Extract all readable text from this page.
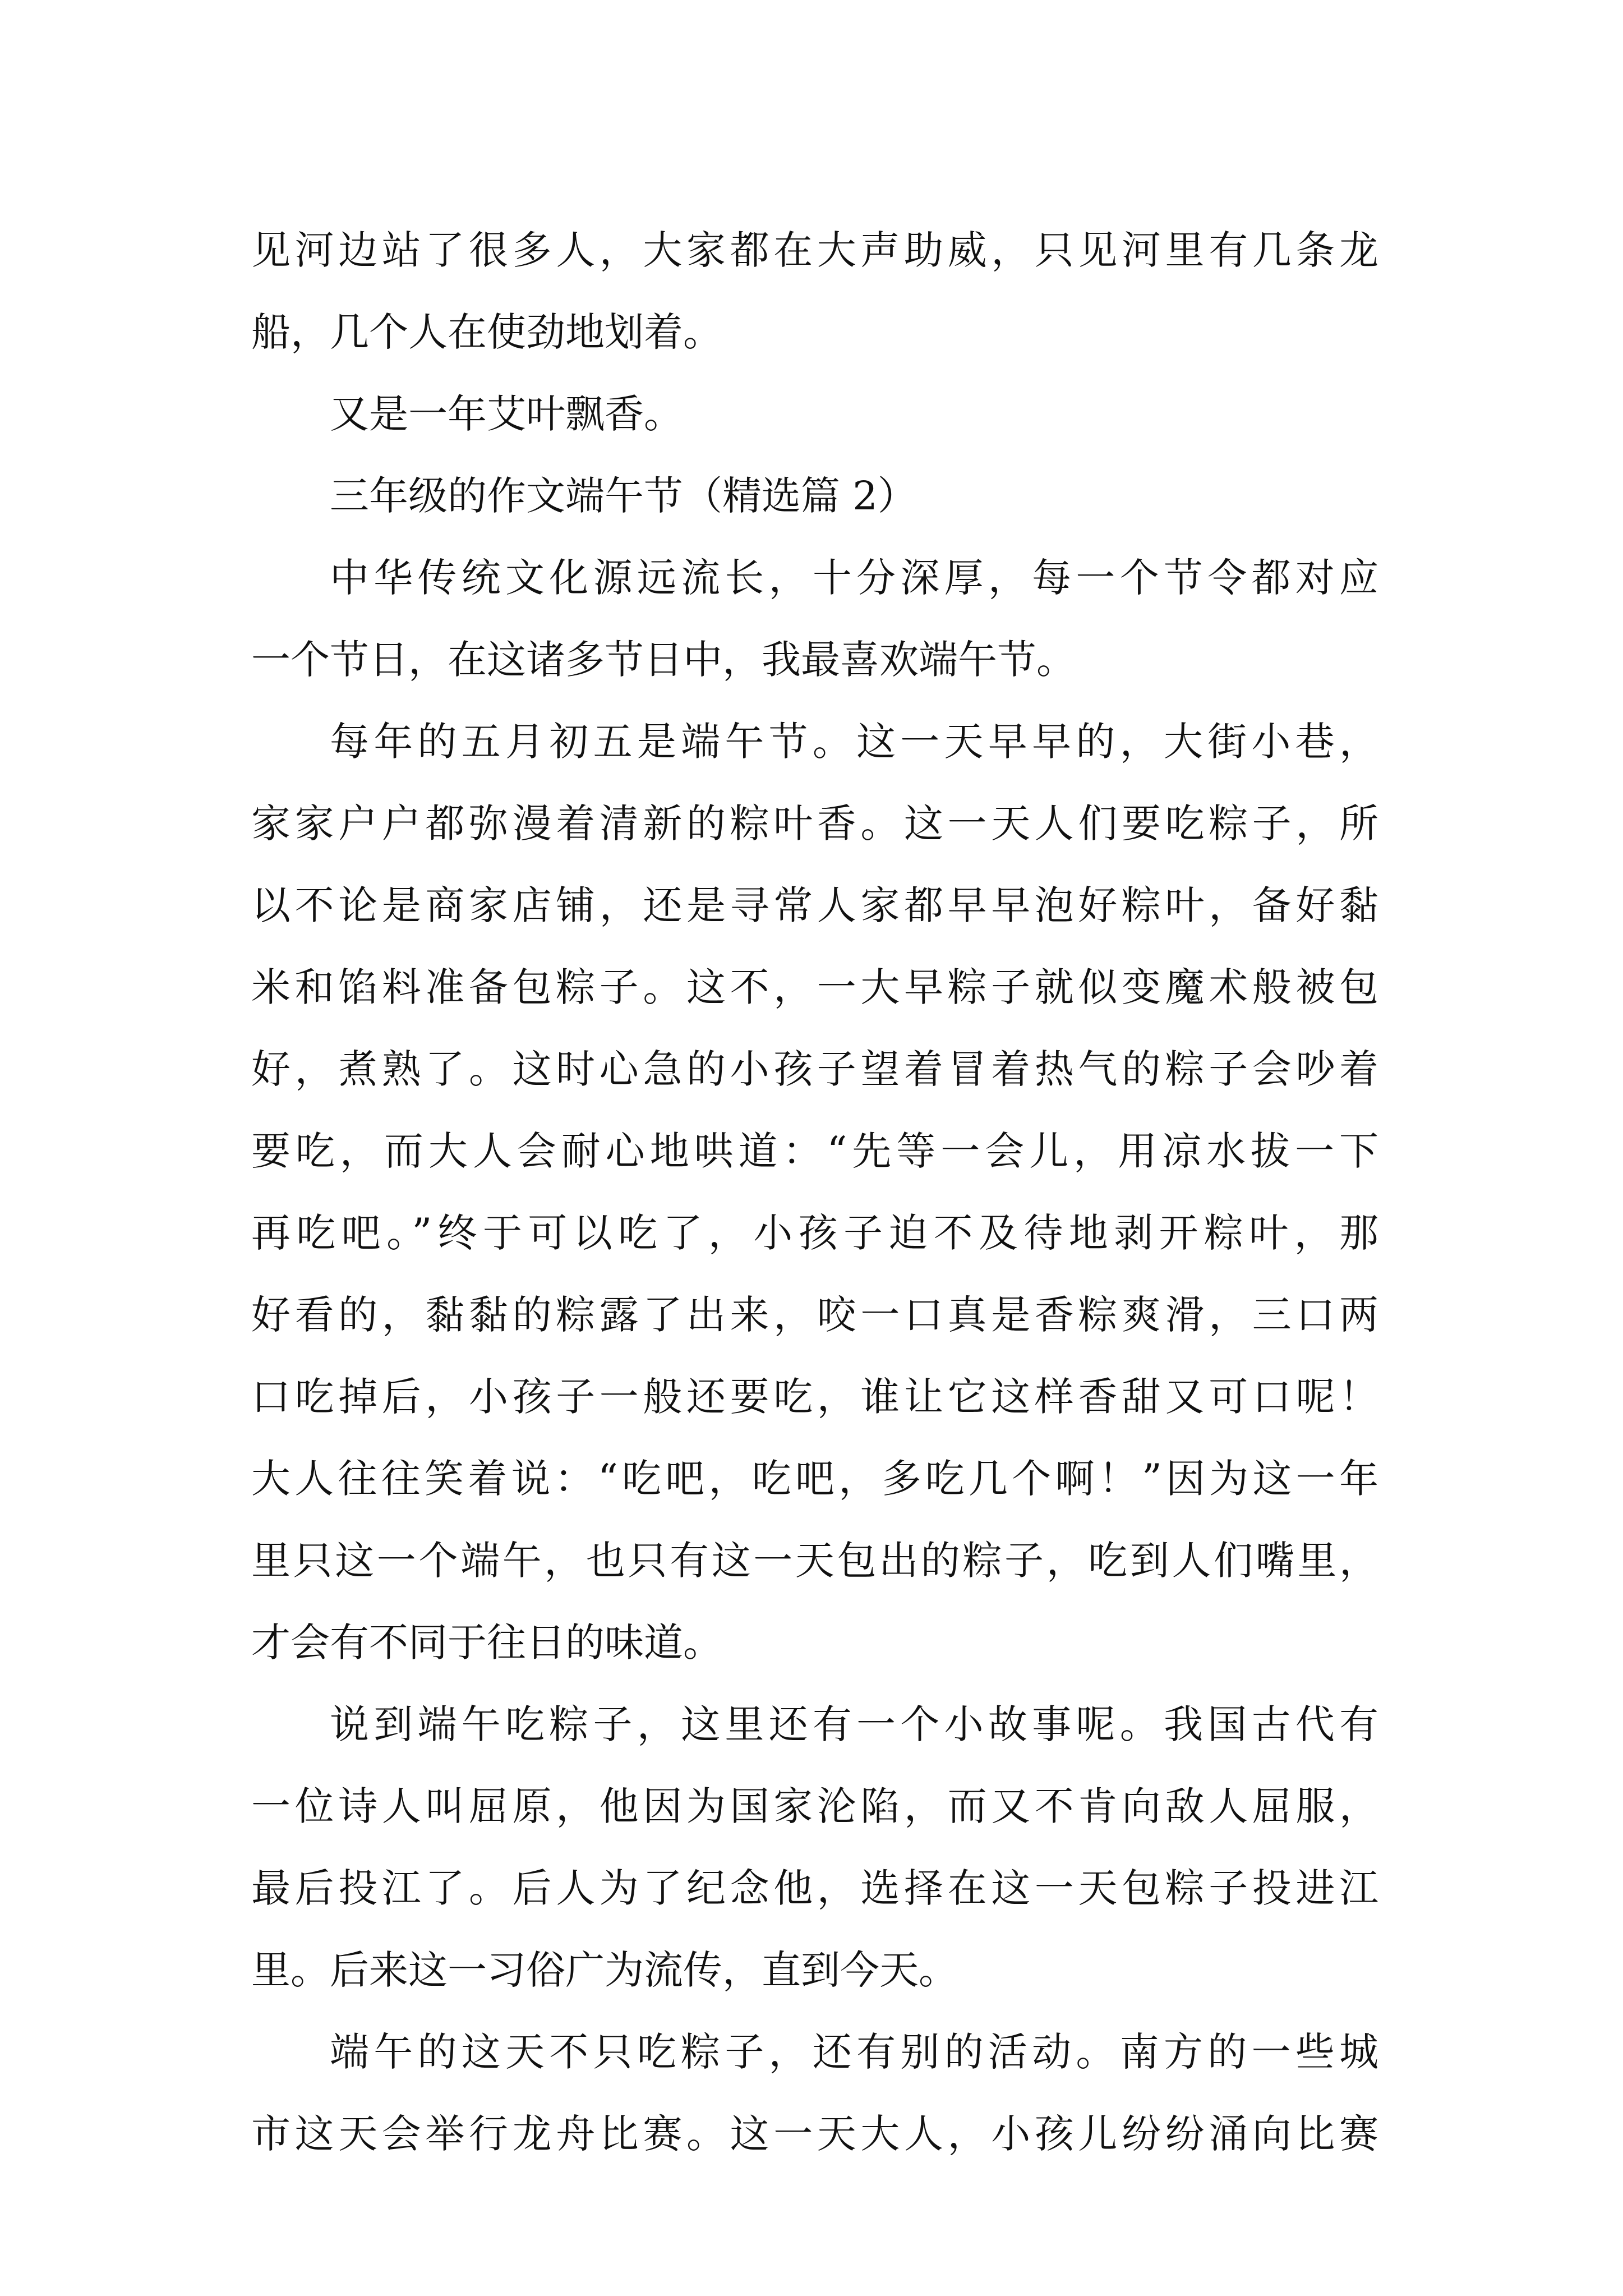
见河边站了很多人，大家都在大声助威，只见河里有几条龙

船，几个人在使劲地划着。

又是一年艾叶飘香。

三年级的作文端午节（精选篇 2）

中华传统文化源远流长，十分深厚，每一个节令都对应

一个节日，在这诸多节日中，我最喜欢端午节。

每年的五月初五是端午节。这一天早早的，大街小巷，

家家户户都弥漫着清新的粽叶香。这一天人们要吃粽子，所

以不论是商家店铺，还是寻常人家都早早泡好粽叶，备好黏

米和馅料准备包粽子。这不，一大早粽子就似变魔术般被包

好，煮熟了。这时心急的小孩子望着冒着热气的粽子会吵着

要吃，而大人会耐心地哄道：“先等一会儿，用凉水拔一下

再吃吧。”终于可以吃了，小孩子迫不及待地剥开粽叶，那

好看的，黏黏的粽露了出来，咬一口真是香粽爽滑，三口两

口吃掉后，小孩子一般还要吃，谁让它这样香甜又可口呢！

大人往往笑着说：“吃吧，吃吧，多吃几个啊！”因为这一年

里只这一个端午，也只有这一天包出的粽子，吃到人们嘴里，

才会有不同于往日的味道。

说到端午吃粽子，这里还有一个小故事呢。我国古代有

一位诗人叫屈原，他因为国家沦陷，而又不肯向敌人屈服，

最后投江了。后人为了纪念他，选择在这一天包粽子投进江

里。后来这一习俗广为流传，直到今天。

端午的这天不只吃粽子，还有别的活动。南方的一些城

市这天会举行龙舟比赛。这一天大人，小孩儿纷纷涌向比赛
